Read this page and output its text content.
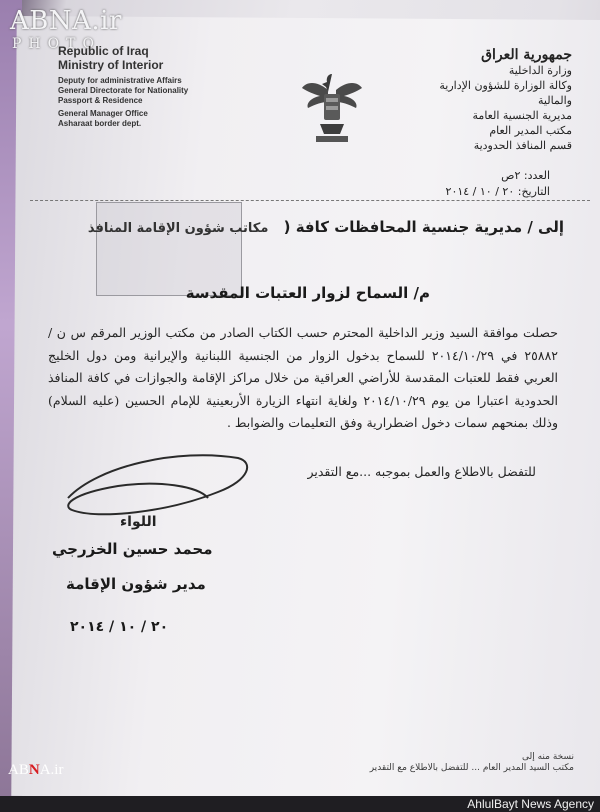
ABNA.ir
PHOTO
Republic of Iraq
Ministry of Interior
Deputy for administrative Affairs
General Directorate for Nationality
Passport & Residence
General Manager Office
Asharaat border dept.
جمهورية العراق
وزارة الداخلية
وكالة الوزارة للشؤون الإدارية والمالية
مديرية الجنسية العامة
مكتب المدير العام
قسم المنافذ الحدودية
العدد: ٢ص
التاريخ: ٢٠ / ١٠ / ٢٠١٤
إلى / مديرية جنسية المحافظات كافة ( مكاتب شؤون الإقامة المنافذ
م/ السماح لزوار العتبات المقدسة

حصلت موافقة السيد وزير الداخلية المحترم حسب الكتاب الصادر من مكتب الوزير المرقم س ن /٢٥٨٨٢ في ٢٠١٤/١٠/٢٩ للسماح بدخول الزوار من الجنسية اللبنانية والإيرانية ومن دول الخليج العربي فقط للعتبات المقدسة للأراضي العراقية من خلال مراكز الإقامة والجوازات في كافة المنافذ الحدودية اعتبارا من يوم ٢٠١٤/١٠/٢٩ ولغاية انتهاء الزيارة الأربعينية للإمام الحسين (عليه السلام) وذلك بمنحهم سمات دخول اضطرارية وفق التعليمات والضوابط .

للتفضل بالاطلاع والعمل بموجبه ...مع التقدير
اللواء
محمد حسين الخزرجي
مدير شؤون الإقامة
٢٠ / ١٠ / ٢٠١٤
نسخة منه إلى
مكتب السيد المدير العام ... للتفضل بالاطلاع مع التقدير
ABNA.ir
AhlulBayt News Agency
